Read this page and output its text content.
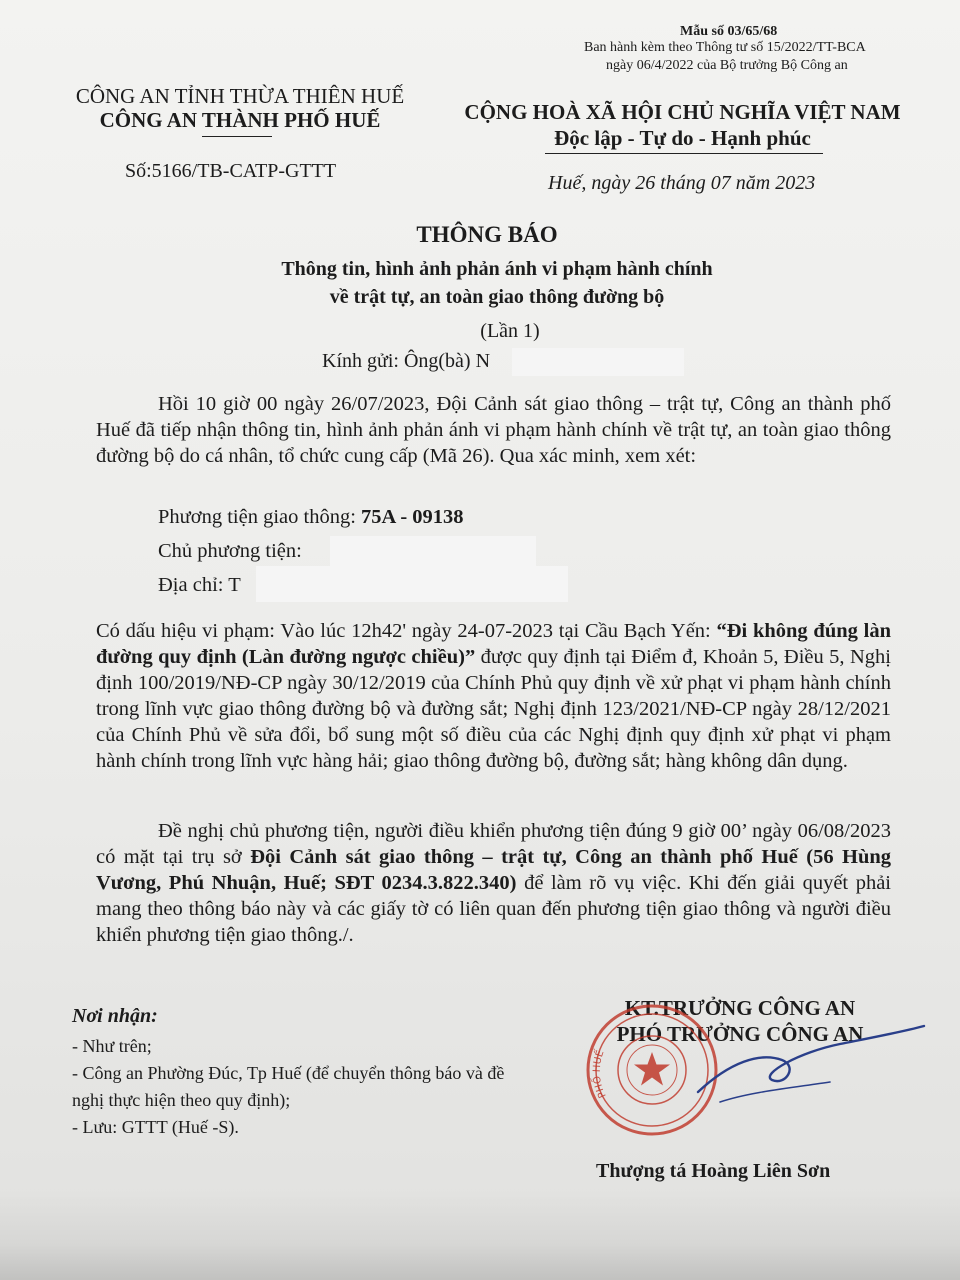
Mẫu số 03/65/68
Ban hành kèm theo Thông tư số 15/2022/TT-BCA
ngày 06/4/2022 của Bộ trưởng Bộ Công an
CÔNG AN TỈNH THỪA THIÊN HUẾ
CÔNG AN THÀNH PHỐ HUẾ
Số:5166/TB-CATP-GTTT
CỘNG HOÀ XÃ HỘI CHỦ NGHĨA VIỆT NAM
Độc lập - Tự do - Hạnh phúc
Huế, ngày 26 tháng 07 năm 2023
THÔNG BÁO
Thông tin, hình ảnh phản ánh vi phạm hành chính
về trật tự, an toàn giao thông đường bộ
(Lần 1)
Kính gửi: Ông(bà) N

Hồi 10 giờ 00 ngày 26/07/2023, Đội Cảnh sát giao thông – trật tự, Công an thành phố Huế đã tiếp nhận thông tin, hình ảnh phản ánh vi phạm hành chính về trật tự, an toàn giao thông đường bộ do cá nhân, tổ chức cung cấp (Mã 26). Qua xác minh, xem xét:

Phương tiện giao thông: 75A - 09138
Chủ phương tiện:
Địa chỉ: T

Có dấu hiệu vi phạm: Vào lúc 12h42' ngày 24-07-2023 tại Cầu Bạch Yến: “Đi không đúng làn đường quy định (Làn đường ngược chiều)” được quy định tại Điểm đ, Khoản 5, Điều 5, Nghị định 100/2019/NĐ-CP ngày 30/12/2019 của Chính Phủ quy định về xử phạt vi phạm hành chính trong lĩnh vực giao thông đường bộ và đường sắt; Nghị định 123/2021/NĐ-CP ngày 28/12/2021 của Chính Phủ về sửa đổi, bổ sung một số điều của các Nghị định quy định xử phạt vi phạm hành chính trong lĩnh vực hàng hải; giao thông đường bộ, đường sắt; hàng không dân dụng.

Đề nghị chủ phương tiện, người điều khiển phương tiện đúng 9 giờ 00’ ngày 06/08/2023 có mặt tại trụ sở Đội Cảnh sát giao thông – trật tự, Công an thành phố Huế (56 Hùng Vương, Phú Nhuận, Huế; SĐT 0234.3.822.340) để làm rõ vụ việc. Khi đến giải quyết phải mang theo thông báo này và các giấy tờ có liên quan đến phương tiện giao thông và người điều khiển phương tiện giao thông./.

Nơi nhận:

- Như trên;

- Công an Phường Đúc, Tp Huế (để chuyển thông báo và đề nghị thực hiện theo quy định);

- Lưu: GTTT (Huế -S).

KT.TRƯỞNG CÔNG AN
PHÓ TRƯỞNG CÔNG AN
PHỐ HUẾ
Thượng tá Hoàng Liên Sơn
